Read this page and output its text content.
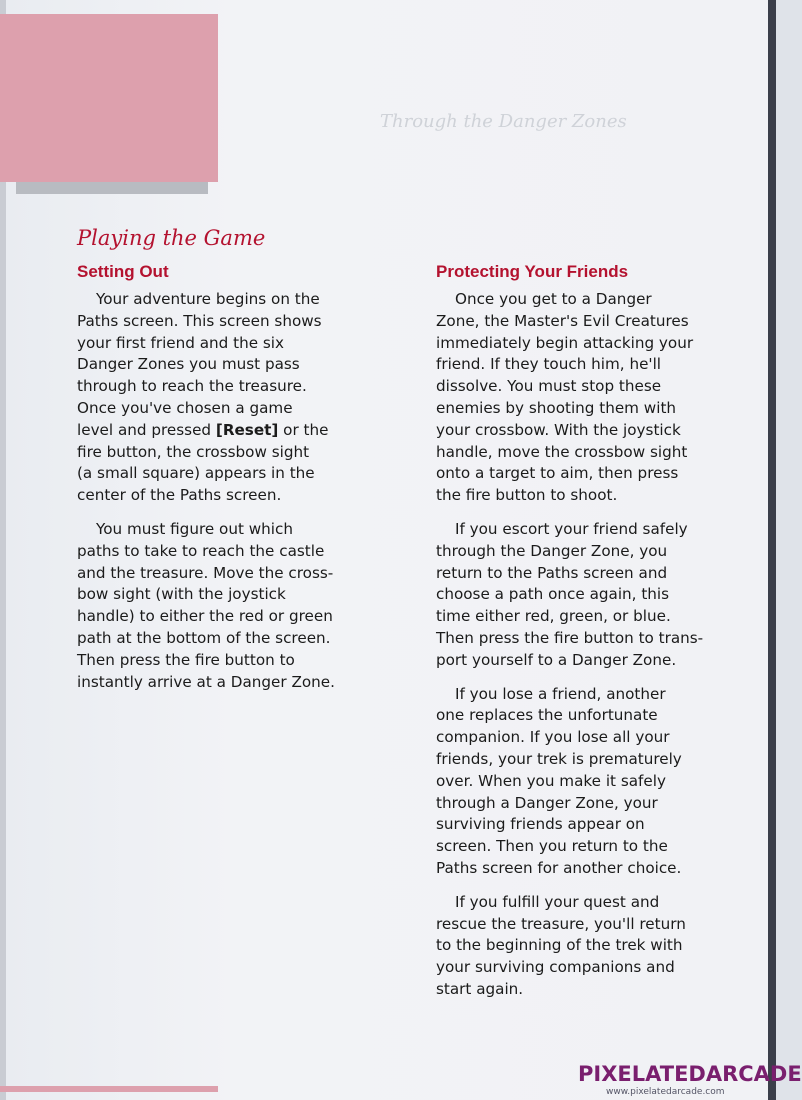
Through the Danger Zones
Playing the Game
Setting Out

Your adventure begins on the
Paths screen. This screen shows
your first friend and the six
Danger Zones you must pass
through to reach the treasure.
Once you've chosen a game
level and pressed [Reset] or the
fire button, the crossbow sight
(a small square) appears in the
center of the Paths screen.

You must figure out which
paths to take to reach the castle
and the treasure. Move the cross-
bow sight (with the joystick
handle) to either the red or green
path at the bottom of the screen.
Then press the fire button to
instantly arrive at a Danger Zone.

Protecting Your Friends

Once you get to a Danger
Zone, the Master's Evil Creatures
immediately begin attacking your
friend. If they touch him, he'll
dissolve. You must stop these
enemies by shooting them with
your crossbow. With the joystick
handle, move the crossbow sight
onto a target to aim, then press
the fire button to shoot.

If you escort your friend safely
through the Danger Zone, you
return to the Paths screen and
choose a path once again, this
time either red, green, or blue.
Then press the fire button to trans-
port yourself to a Danger Zone.

If you lose a friend, another
one replaces the unfortunate
companion. If you lose all your
friends, your trek is prematurely
over. When you make it safely
through a Danger Zone, your
surviving friends appear on
screen. Then you return to the
Paths screen for another choice.

If you fulfill your quest and
rescue the treasure, you'll return
to the beginning of the trek with
your surviving companions and
start again.

PIXELATEDARCADE
www.pixelatedarcade.com
